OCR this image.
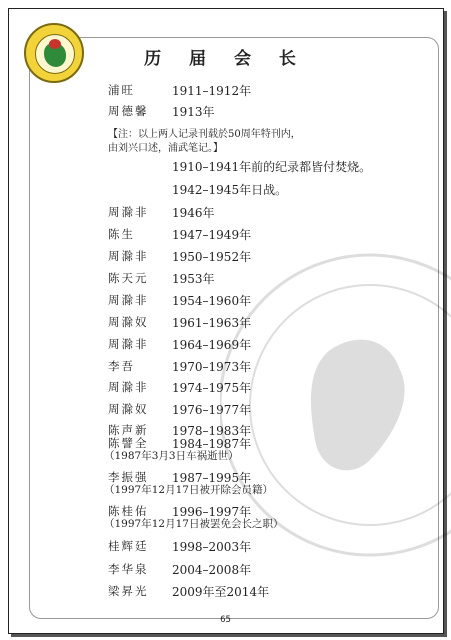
历 届 会 长
浦旺	1911–1912年
周德馨 1913年
【注：以上两人记录刊载於50周年特刊内，
由刘兴口述，浦武笔记。】
1910–1941年前的纪录都皆付焚烧。
1942–1945年日战。
周滁非 1946年
陈生	1947–1949年
周滁非 1950–1952年
陈天元 1953年
周滁非 1954–1960年
周滁奴 1961–1963年
周滁非 1964–1969年
李吾	1970–1973年
周滁非 1974–1975年
周滁奴 1976–1977年
陈声新 1978–1983年
陈譬全 1984–1987年
（1987年3月3日车祸逝世）
李振强 1987–1995年
（1997年12月17日被开除会员籍）
陈桂佑 1996–1997年
（1997年12月17日被罢免会长之职）
桂辉廷 1998–2003年
李华泉 2004–2008年
梁昇光 2009年至2014年
65
